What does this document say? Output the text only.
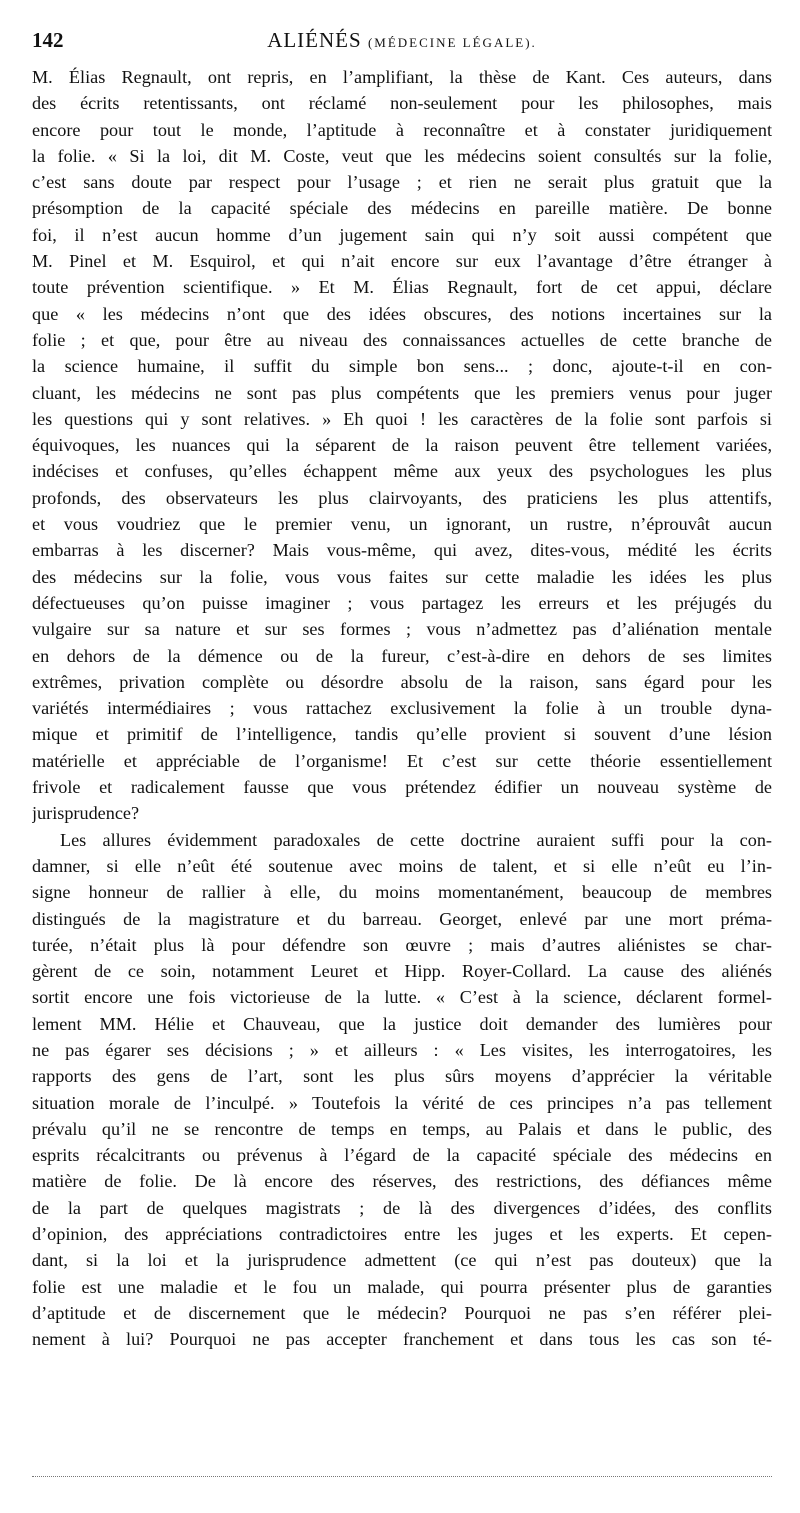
142	ALIÉNÉS (MÉDECINE LÉGALE).
M. Élias Regnault, ont repris, en l’amplifiant, la thèse de Kant. Ces auteurs, dans
des écrits retentissants, ont réclamé non-seulement pour les philosophes, mais
encore pour tout le monde, l’aptitude à reconnaître et à constater juridiquement
la folie. « Si la loi, dit M. Coste, veut que les médecins soient consultés sur la folie,
c’est sans doute par respect pour l’usage ; et rien ne serait plus gratuit que la
présomption de la capacité spéciale des médecins en pareille matière. De bonne
foi, il n’est aucun homme d’un jugement sain qui n’y soit aussi compétent que
M. Pinel et M. Esquirol, et qui n’ait encore sur eux l’avantage d’être étranger à
toute prévention scientifique. » Et M. Élias Regnault, fort de cet appui, déclare
que « les médecins n’ont que des idées obscures, des notions incertaines sur la
folie ; et que, pour être au niveau des connaissances actuelles de cette branche de
la science humaine, il suffit du simple bon sens... ; donc, ajoute-t-il en con-
cluant, les médecins ne sont pas plus compétents que les premiers venus pour juger
les questions qui y sont relatives. » Eh quoi ! les caractères de la folie sont parfois si
équivoques, les nuances qui la séparent de la raison peuvent être tellement variées,
indécises et confuses, qu’elles échappent même aux yeux des psychologues les plus
profonds, des observateurs les plus clairvoyants, des praticiens les plus attentifs,
et vous voudriez que le premier venu, un ignorant, un rustre, n’éprouvât aucun
embarras à les discerner? Mais vous-même, qui avez, dites-vous, médité les écrits
des médecins sur la folie, vous vous faites sur cette maladie les idées les plus
défectueuses qu’on puisse imaginer ; vous partagez les erreurs et les préjugés du
vulgaire sur sa nature et sur ses formes ; vous n’admettez pas d’aliénation mentale
en dehors de la démence ou de la fureur, c’est-à-dire en dehors de ses limites
extrêmes, privation complète ou désordre absolu de la raison, sans égard pour les
variétés intermédiaires ; vous rattachez exclusivement la folie à un trouble dyna-
mique et primitif de l’intelligence, tandis qu’elle provient si souvent d’une lésion
matérielle et appréciable de l’organisme! Et c’est sur cette théorie essentiellement
frivole et radicalement fausse que vous prétendez édifier un nouveau système de
jurisprudence?
Les allures évidemment paradoxales de cette doctrine auraient suffi pour la con-
damner, si elle n’eût été soutenue avec moins de talent, et si elle n’eût eu l’in-
signe honneur de rallier à elle, du moins momentanément, beaucoup de membres
distingués de la magistrature et du barreau. Georget, enlevé par une mort préma-
turée, n’était plus là pour défendre son œuvre ; mais d’autres aliénistes se char-
gèrent de ce soin, notamment Leuret et Hipp. Royer-Collard. La cause des aliénés
sortit encore une fois victorieuse de la lutte. « C’est à la science, déclarent formel-
lement MM. Hélie et Chauveau, que la justice doit demander des lumières pour
ne pas égarer ses décisions ; » et ailleurs : « Les visites, les interrogatoires, les
rapports des gens de l’art, sont les plus sûrs moyens d’apprécier la véritable
situation morale de l’inculpé. » Toutefois la vérité de ces principes n’a pas tellement
prévalu qu’il ne se rencontre de temps en temps, au Palais et dans le public, des
esprits récalcitrants ou prévenus à l’égard de la capacité spéciale des médecins en
matière de folie. De là encore des réserves, des restrictions, des défiances même
de la part de quelques magistrats ; de là des divergences d’idées, des conflits
d’opinion, des appréciations contradictoires entre les juges et les experts. Et cepen-
dant, si la loi et la jurisprudence admettent (ce qui n’est pas douteux) que la
folie est une maladie et le fou un malade, qui pourra présenter plus de garanties
d’aptitude et de discernement que le médecin? Pourquoi ne pas s’en référer plei-
nement à lui? Pourquoi ne pas accepter franchement et dans tous les cas son té-
